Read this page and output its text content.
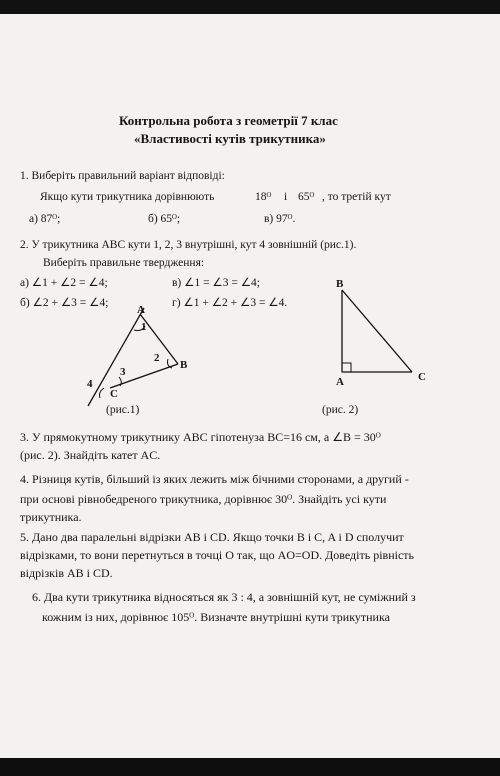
Контрольна робота з геометрії 7 клас
«Властивості кутів трикутника»
1. Виберіть правильний варіант відповіді:
Якщо кути трикутника дорівнюють	18ᴼ і 65ᴼ , то третій кут
а) 87ᴼ;	б) 65ᴼ;	в) 97ᴼ.
2. У трикутника ABC кути 1, 2, 3 внутрішні, кут 4 зовнішній (рис.1).
Виберіть правильне твердження:
а) ∠1 + ∠2 = ∠4;	в) ∠1 = ∠3 = ∠4;
б) ∠2 + ∠3 = ∠4;	г) ∠1 + ∠2 + ∠3 = ∠4.
A
B
C
1
2
3
4
(рис.1)
B
A	C
(рис. 2)
3. У прямокутному трикутнику ABC гіпотенуза BC=16 см, а ∠B = 30ᴼ
(рис. 2). Знайдіть катет AC.
4. Різниця кутів, більший із яких лежить між бічними сторонами, а другий -
при основі рівнобедреного трикутника, дорівнює 30ᴼ. Знайдіть усі кути
трикутника.
5. Дано два паралельні відрізки AB і CD. Якщо точки B і C, A і D сполучит
відрізками, то вони перетнуться в точці O так, що AO=OD. Доведіть рівність
відрізків AB і CD.
6. Два кути трикутника відносяться як 3 : 4, а зовнішній кут, не суміжний з
кожним із них, дорівнює 105ᴼ. Визначте внутрішні кути трикутника
